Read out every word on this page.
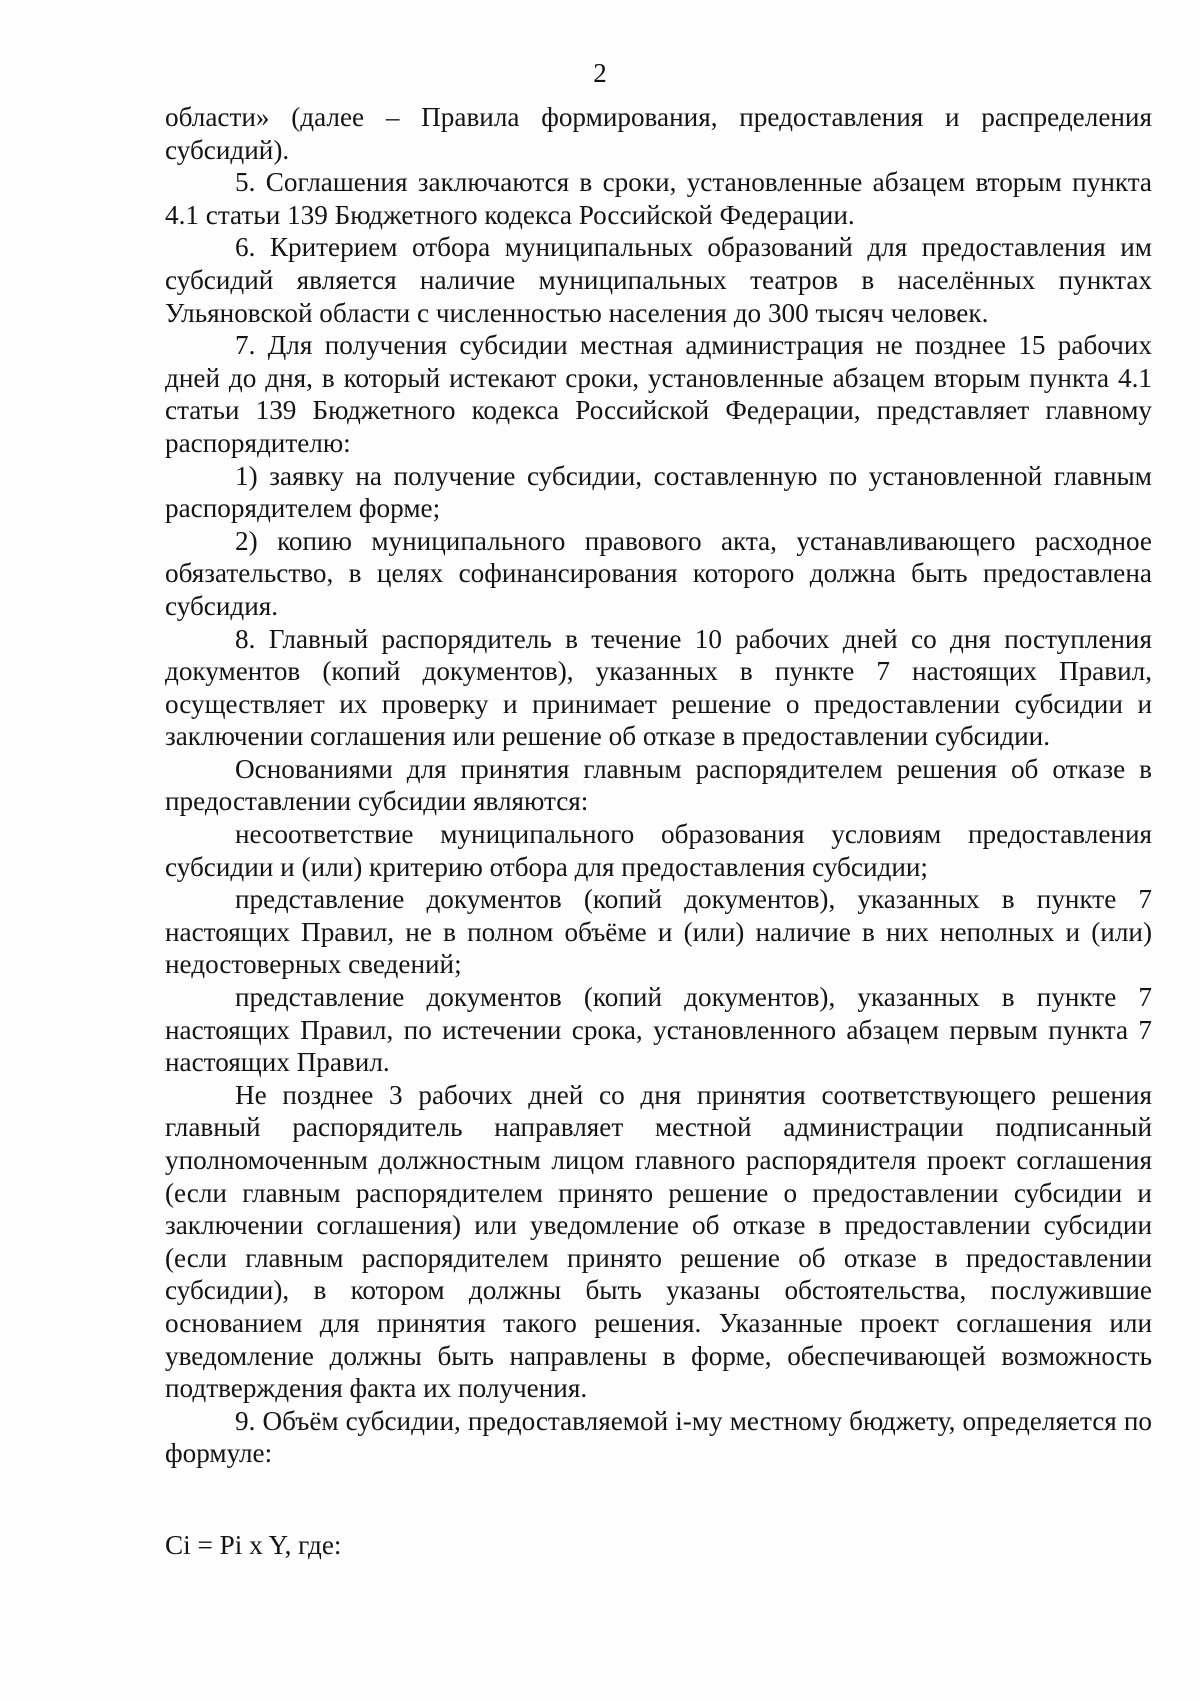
2

области» (далее – Правила формирования, предоставления и распределения субсидий).

5. Соглашения заключаются в сроки, установленные абзацем вторым пункта 4.1 статьи 139 Бюджетного кодекса Российской Федерации.

6. Критерием отбора муниципальных образований для предоставления им субсидий является наличие муниципальных театров в населённых пунктах Ульяновской области с численностью населения до 300 тысяч человек.

7. Для получения субсидии местная администрация не позднее 15 рабочих дней до дня, в который истекают сроки, установленные абзацем вторым пункта 4.1 статьи 139 Бюджетного кодекса Российской Федерации, представляет главному распорядителю:

1) заявку на получение субсидии, составленную по установленной главным распорядителем форме;

2) копию муниципального правового акта, устанавливающего расходное обязательство, в целях софинансирования которого должна быть предоставлена субсидия.

8. Главный распорядитель в течение 10 рабочих дней со дня поступления документов (копий документов), указанных в пункте 7 настоящих Правил, осуществляет их проверку и принимает решение о предоставлении субсидии и заключении соглашения или решение об отказе в предоставлении субсидии.

Основаниями для принятия главным распорядителем решения об отказе в предоставлении субсидии являются:

несоответствие муниципального образования условиям предоставления субсидии и (или) критерию отбора для предоставления субсидии;

представление документов (копий документов), указанных в пункте 7 настоящих Правил, не в полном объёме и (или) наличие в них неполных и (или) недостоверных сведений;

представление документов (копий документов), указанных в пункте 7 настоящих Правил, по истечении срока, установленного абзацем первым пункта 7 настоящих Правил.

Не позднее 3 рабочих дней со дня принятия соответствующего решения главный распорядитель направляет местной администрации подписанный уполномоченным должностным лицом главного распорядителя проект соглашения (если главным распорядителем принято решение о предоставлении субсидии и заключении соглашения) или уведомление об отказе в предоставлении субсидии (если главным распорядителем принято решение об отказе в предоставлении субсидии), в котором должны быть указаны обстоятельства, послужившие основанием для принятия такого решения. Указанные проект соглашения или уведомление должны быть направлены в форме, обеспечивающей возможность подтверждения факта их получения.

9. Объём субсидии, предоставляемой i-му местному бюджету, определяется по формуле:

Ci = Pi x Y, где:
